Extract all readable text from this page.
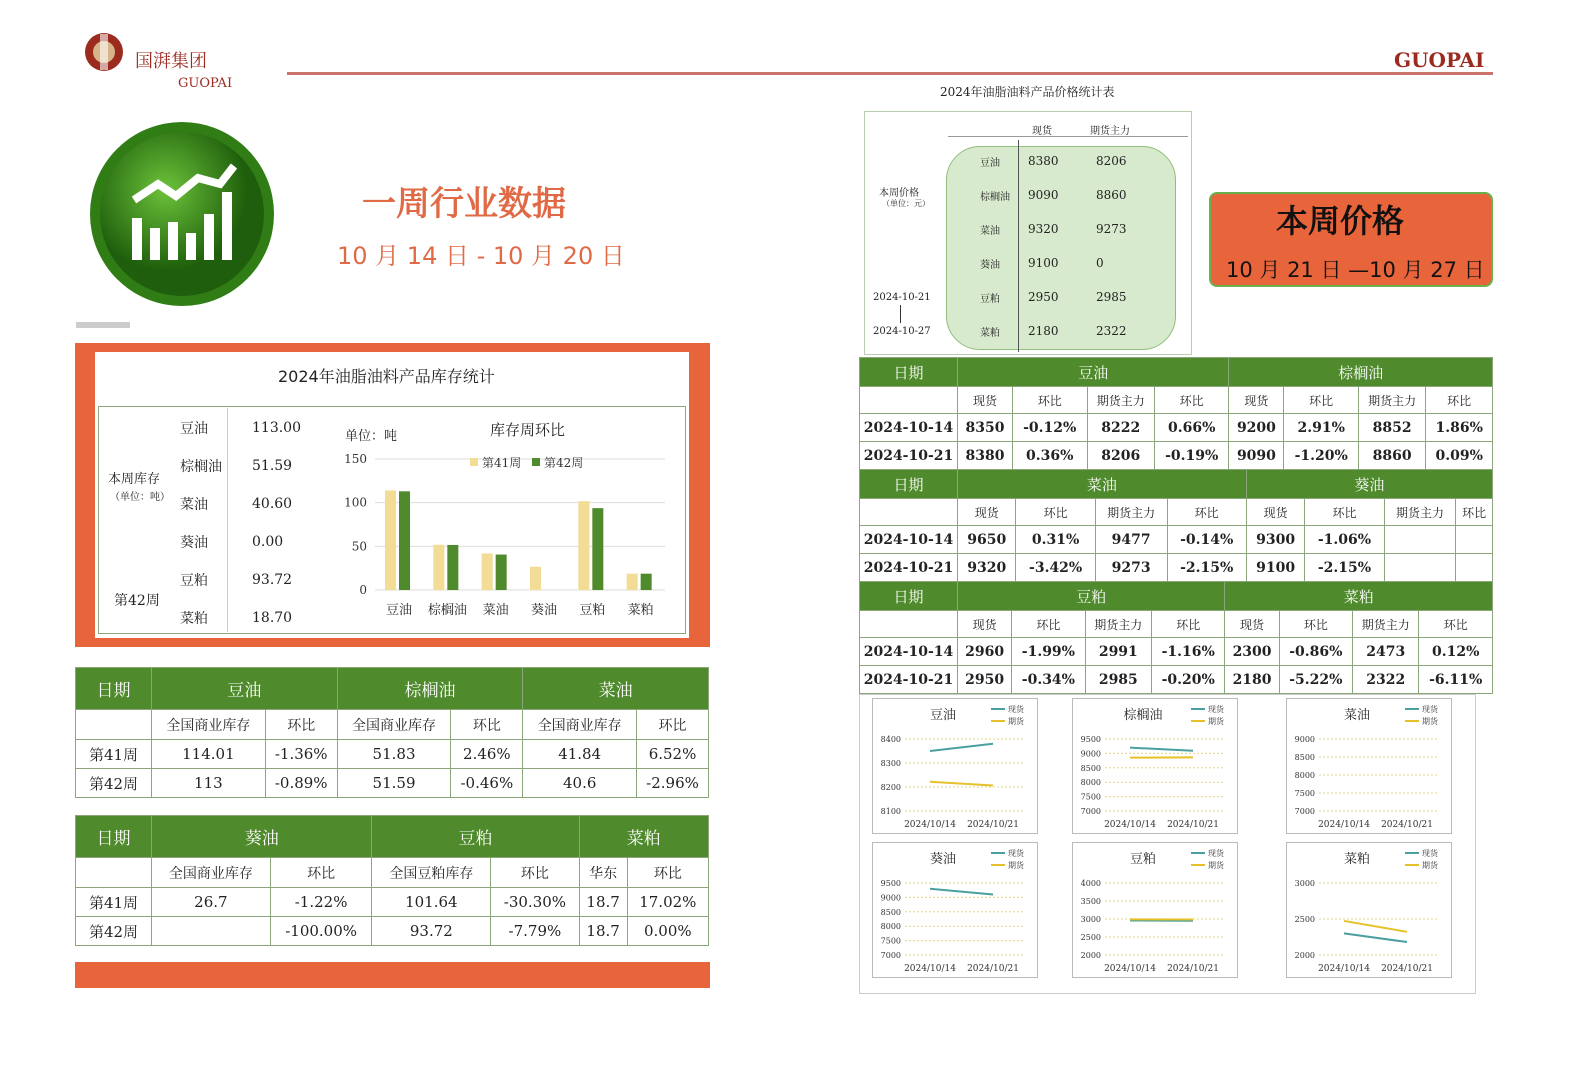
国湃集团
GUOPAI
GUOPAI
一周行业数据
10 月 14 日 - 10 月 20 日
2024年油脂油料产品库存统计
本周库存
（单位：吨）
第42周
豆油	113.00
棕榈油 51.59
菜油	40.60
葵油	0.00
豆粕	93.72
菜粕	18.70
单位：吨	库存周环比
150
100
50
0
第41周 第42周
豆油 棕榈油 菜油 葵油 豆粕 菜粕
日期	豆油		棕榈油		菜油	
	全国商业库存	环比	全国商业库存	环比	全国商业库存	环比
第41周	114.01	-1.36%	51.83	2.46%	41.84	6.52%
第42周	113	-0.89%	51.59	-0.46%	40.6	-2.96%
日期	葵油		豆粕		菜粕	
	全国商业库存	环比	全国豆粕库存	环比	华东	环比
第41周	26.7	-1.22%	101.64	-30.30%	18.7	17.02%
第42周		-100.00%	93.72	-7.79%	18.7	0.00%
2024年油脂油料产品价格统计表
现货	期货主力
本周价格
（单位：元）
2024-10-21
2024-10-27
豆油 8380	8206
棕榈油 9090	8860
菜油 9320	9273
葵油 9100	0
豆粕 2950	2985
菜粕 2180	2322
本周价格
10 月 21 日 —10 月 27 日
日期	豆油				棕榈油			
	现货	环比	期货主力	环比	现货	环比	期货主力	环比
2024-10-14	8350	-0.12%	8222	0.66%	9200	2.91%	8852	1.86%
2024-10-21	8380	0.36%	8206	-0.19%	9090	-1.20%	8860	0.09%
日期	菜油				葵油			
	现货	环比	期货主力	环比	现货	环比	期货主力	环比
2024-10-14	9650	0.31%	9477	-0.14%	9300	-1.06%		
2024-10-21	9320	-3.42%	9273	-2.15%	9100	-2.15%		
日期	豆粕				菜粕			
	现货	环比	期货主力	环比	现货	环比	期货主力	环比
2024-10-14	2960	-1.99%	2991	-1.16%	2300	-0.86%	2473	0.12%
2024-10-21	2950	-0.34%	2985	-0.20%	2180	-5.22%	2322	-6.11%
豆油	现货
期货
8400
8300
8200
8100
2024/10/14 2024/10/21
棕榈油	现货
期货
9500
9000
8500
8000
7500
7000
2024/10/14 2024/10/21
菜油	现货
期货
9000
8500
8000
7500
7000
2024/10/14 2024/10/21
葵油	现货
期货
9500
9000
8500
8000
7500
7000
2024/10/14 2024/10/21
豆粕	现货
期货
4000
3500
3000
2500
2000
2024/10/14 2024/10/21
菜粕	现货
期货
3000
2500
2000
2024/10/14 2024/10/21
